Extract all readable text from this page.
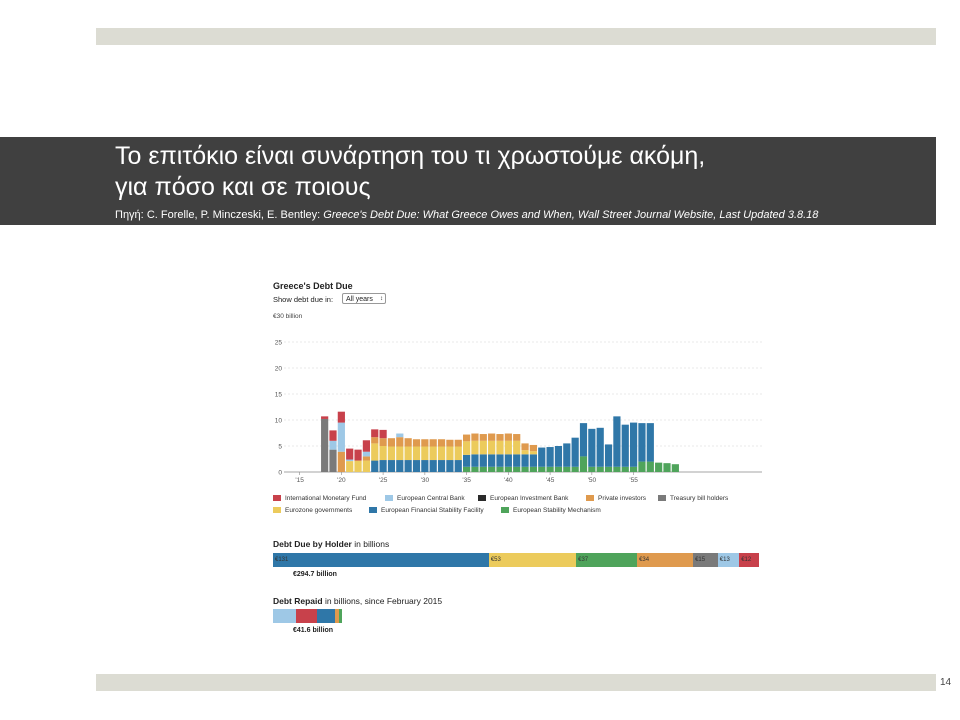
Το επιτόκιο είναι συνάρτηση του τι χρωστούμε ακόμη,
για πόσο και σε ποιους
Πηγή: C. Forelle, P. Minczeski, E. Bentley: Greece's Debt Due: What Greece Owes and When, Wall Street Journal Website, Last Updated 3.8.18
Greece's Debt Due
Show debt due in:	All years ↕
€30 billion
25
20
15
10
5
0
'15	'20	'25	'30	'35	'40	'45	'50	'55
International Monetary Fund	European Central Bank	European Investment Bank	Private investors	Treasury bill holders
Eurozone governments	European Financial Stability Facility	European Stability Mechanism
Debt Due by Holder in billions
€131	€53	€37	€34	€15	€13	€12
€294.7 billion
Debt Repaid in billions, since February 2015
€41.6 billion
14
